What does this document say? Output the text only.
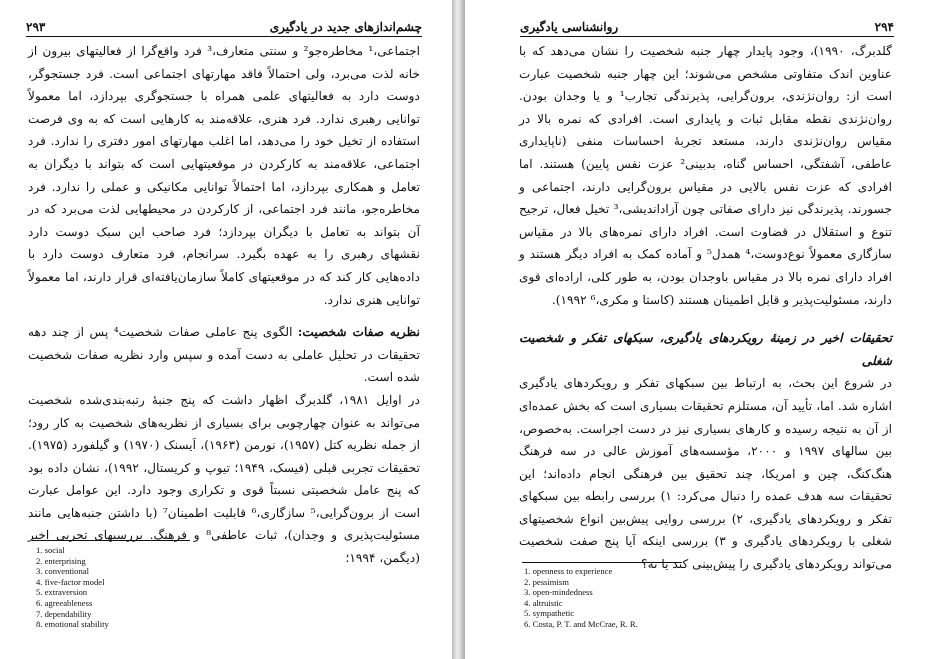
چشم‌اندازهای جدید در یادگیری
۲۹۳

اجتماعی،¹ مخاطره‌جو² و سنتی متعارف،³ فرد واقع‌گرا از فعالیتهای بیرون از خانه لذت می‌برد، ولی احتمالاً فاقد مهارتهای اجتماعی است. فرد جستجوگر، دوست دارد به فعالیتهای علمی همراه با جستجوگری بپردازد، اما معمولاً توانایی رهبری ندارد. فرد هنری، علاقه‌مند به کارهایی است که به وی فرصت استفاده از تخیل خود را می‌دهد، اما اغلب مهارتهای امور دفتری را ندارد. فرد اجتماعی، علاقه‌مند به کارکردن در موقعیتهایی است که بتواند با دیگران به تعامل و همکاری بپردازد، اما احتمالاً توانایی مکانیکی و عملی را ندارد. فرد مخاطره‌جو، مانند فرد اجتماعی، از کارکردن در محیطهایی لذت می‌برد که در آن بتواند به تعامل با دیگران بپردازد؛ فرد صاحب این سبک دوست دارد نقشهای رهبری را به عهده بگیرد. سرانجام، فرد متعارف دوست دارد با داده‌هایی کار کند که در موقعیتهای کاملاً سازمان‌یافته‌ای قرار دارند، اما معمولاً توانایی هنری ندارد.

نظریه صفات شخصیت: الگوی پنج عاملی صفات شخصیت⁴ پس از چند دهه تحقیقات در تحلیل عاملی به دست آمده و سپس وارد نظریه صفات شخصیت شده است.

در اوایل ۱۹۸۱، گلدبرگ اظهار داشت که پنج جنبهٔ رتبه‌بندی‌شده شخصیت می‌تواند به عنوان چهارچوبی برای بسیاری از نظریه‌های شخصیت به کار رود؛ از جمله نظریه کتل (۱۹۵۷)، نورمن (۱۹۶۳)، اَیسنک (۱۹۷۰) و گیلفورد (۱۹۷۵). تحقیقات تجربی قبلی (فیسک، ۱۹۴۹؛ تیوپ و کریستال، ۱۹۹۲)، نشان داده بود که پنج عامل شخصیتی نسبتاً قوی و تکراری وجود دارد. این عوامل عبارت است از برون‌گرایی،⁵ سازگاری،⁶ قابلیت اطمینان⁷ (با داشتن جنبه‌هایی مانند مسئولیت‌پذیری و وجدان)، ثبات عاطفی⁸ و فرهنگ. بررسیهای تجربی اخیر (دیگمن، ۱۹۹۴؛

1. social
2. enterprising
3. conventional
4. five-factor model
5. extraversion
6. agreeableness
7. dependability
8. emotional stability
۲۹۴
روانشناسی یادگیری

گلدبرگ، ۱۹۹۰)، وجود پایدار چهار جنبه شخصیت را نشان می‌دهد که با عناوین اندک متفاوتی مشخص می‌شوند؛ این چهار جنبه شخصیت عبارت است از: روان‌نژندی، برون‌گرایی، پذیرندگی تجارب¹ و یا وجدان بودن. روان‌نژندی نقطه مقابل ثبات و پایداری است. افرادی که نمره بالا در مقیاس روان‌نژندی دارند، مستعد تجربهٔ احساسات منفی (ناپایداری عاطفی، آشفتگی، احساس گناه، بدبینی² عزت نفس پایین) هستند. اما افرادی که عزت نفس بالایی در مقیاس برون‌گرایی دارند، اجتماعی و جسورند. پذیرندگی نیز دارای صفاتی چون آزاداندیشی،³ تخیل فعال، ترجیح تنوع و استقلال در قضاوت است. افراد دارای نمره‌های بالا در مقیاس سازگاری معمولاً نوع‌دوست،⁴ همدل⁵ و آماده کمک به افراد دیگر هستند و افراد دارای نمره بالا در مقیاس باوجدان بودن، به طور کلی، اراده‌ای قوی دارند، مسئولیت‌پذیر و قابل اطمینان هستند (کاستا و مکری،⁶ ۱۹۹۲).

تحقیقات اخیر در زمینهٔ رویکردهای یادگیری، سبکهای تفکر و شخصیت شغلی

در شروع این بحث، به ارتباط بین سبکهای تفکر و رویکردهای یادگیری اشاره شد. اما، تأیید آن، مستلزم تحقیقات بسیاری است که بخش عمده‌ای از آن به نتیجه رسیده و کارهای بسیاری نیز در دست اجراست. به‌خصوص، بین سالهای ۱۹۹۷ و ۲۰۰۰، مؤسسه‌های آموزش عالی در سه فرهنگ هنگ‌کنگ، چین و امریکا، چند تحقیق بین فرهنگی انجام داده‌اند؛ این تحقیقات سه هدف عمده را دنبال می‌کرد: ۱) بررسی رابطه بین سبکهای تفکر و رویکردهای یادگیری، ۲) بررسی روایی پیش‌بین انواع شخصیتهای شغلی با رویکردهای یادگیری و ۳) بررسی اینکه آیا پنج صفت شخصیت می‌تواند رویکردهای یادگیری را پیش‌بینی کند یا نه؟

1. openness to experience
2. pessimism
3. open-mindedness
4. altruistic
5. sympathetic
6. Costa, P. T. and McCrae, R. R.
